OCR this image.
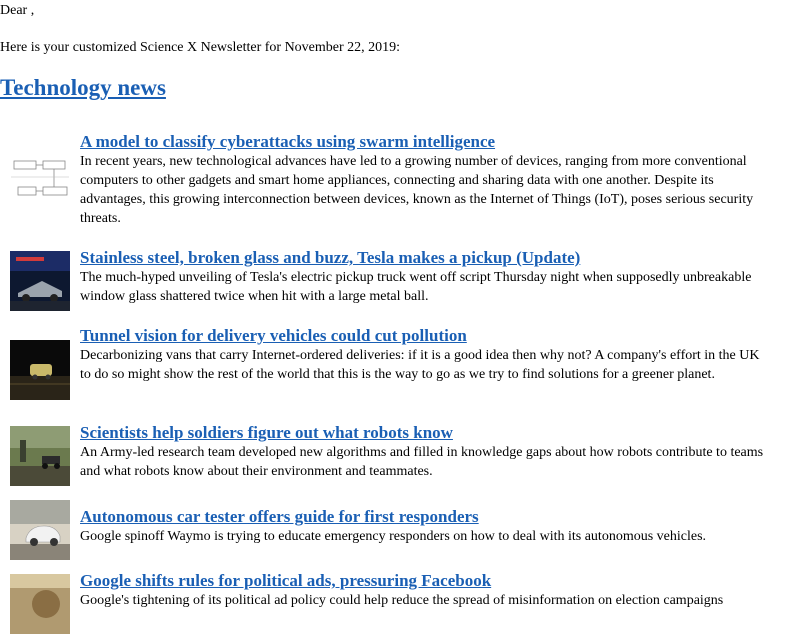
Dear ,
Here is your customized Science X Newsletter for November 22, 2019:
Technology news
A model to classify cyberattacks using swarm intelligence
In recent years, new technological advances have led to a growing number of devices, ranging from more conventional computers to other gadgets and smart home appliances, connecting and sharing data with one another. Despite its advantages, this growing interconnection between devices, known as the Internet of Things (IoT), poses serious security threats.
Stainless steel, broken glass and buzz, Tesla makes a pickup (Update)
The much-hyped unveiling of Tesla's electric pickup truck went off script Thursday night when supposedly unbreakable window glass shattered twice when hit with a large metal ball.
Tunnel vision for delivery vehicles could cut pollution
Decarbonizing vans that carry Internet-ordered deliveries: if it is a good idea then why not? A company's effort in the UK to do so might show the rest of the world that this is the way to go as we try to find solutions for a greener planet.
Scientists help soldiers figure out what robots know
An Army-led research team developed new algorithms and filled in knowledge gaps about how robots contribute to teams and what robots know about their environment and teammates.
Autonomous car tester offers guide for first responders
Google spinoff Waymo is trying to educate emergency responders on how to deal with its autonomous vehicles.
Google shifts rules for political ads, pressuring Facebook
Google's tightening of its political ad policy could help reduce the spread of misinformation on election campaigns
